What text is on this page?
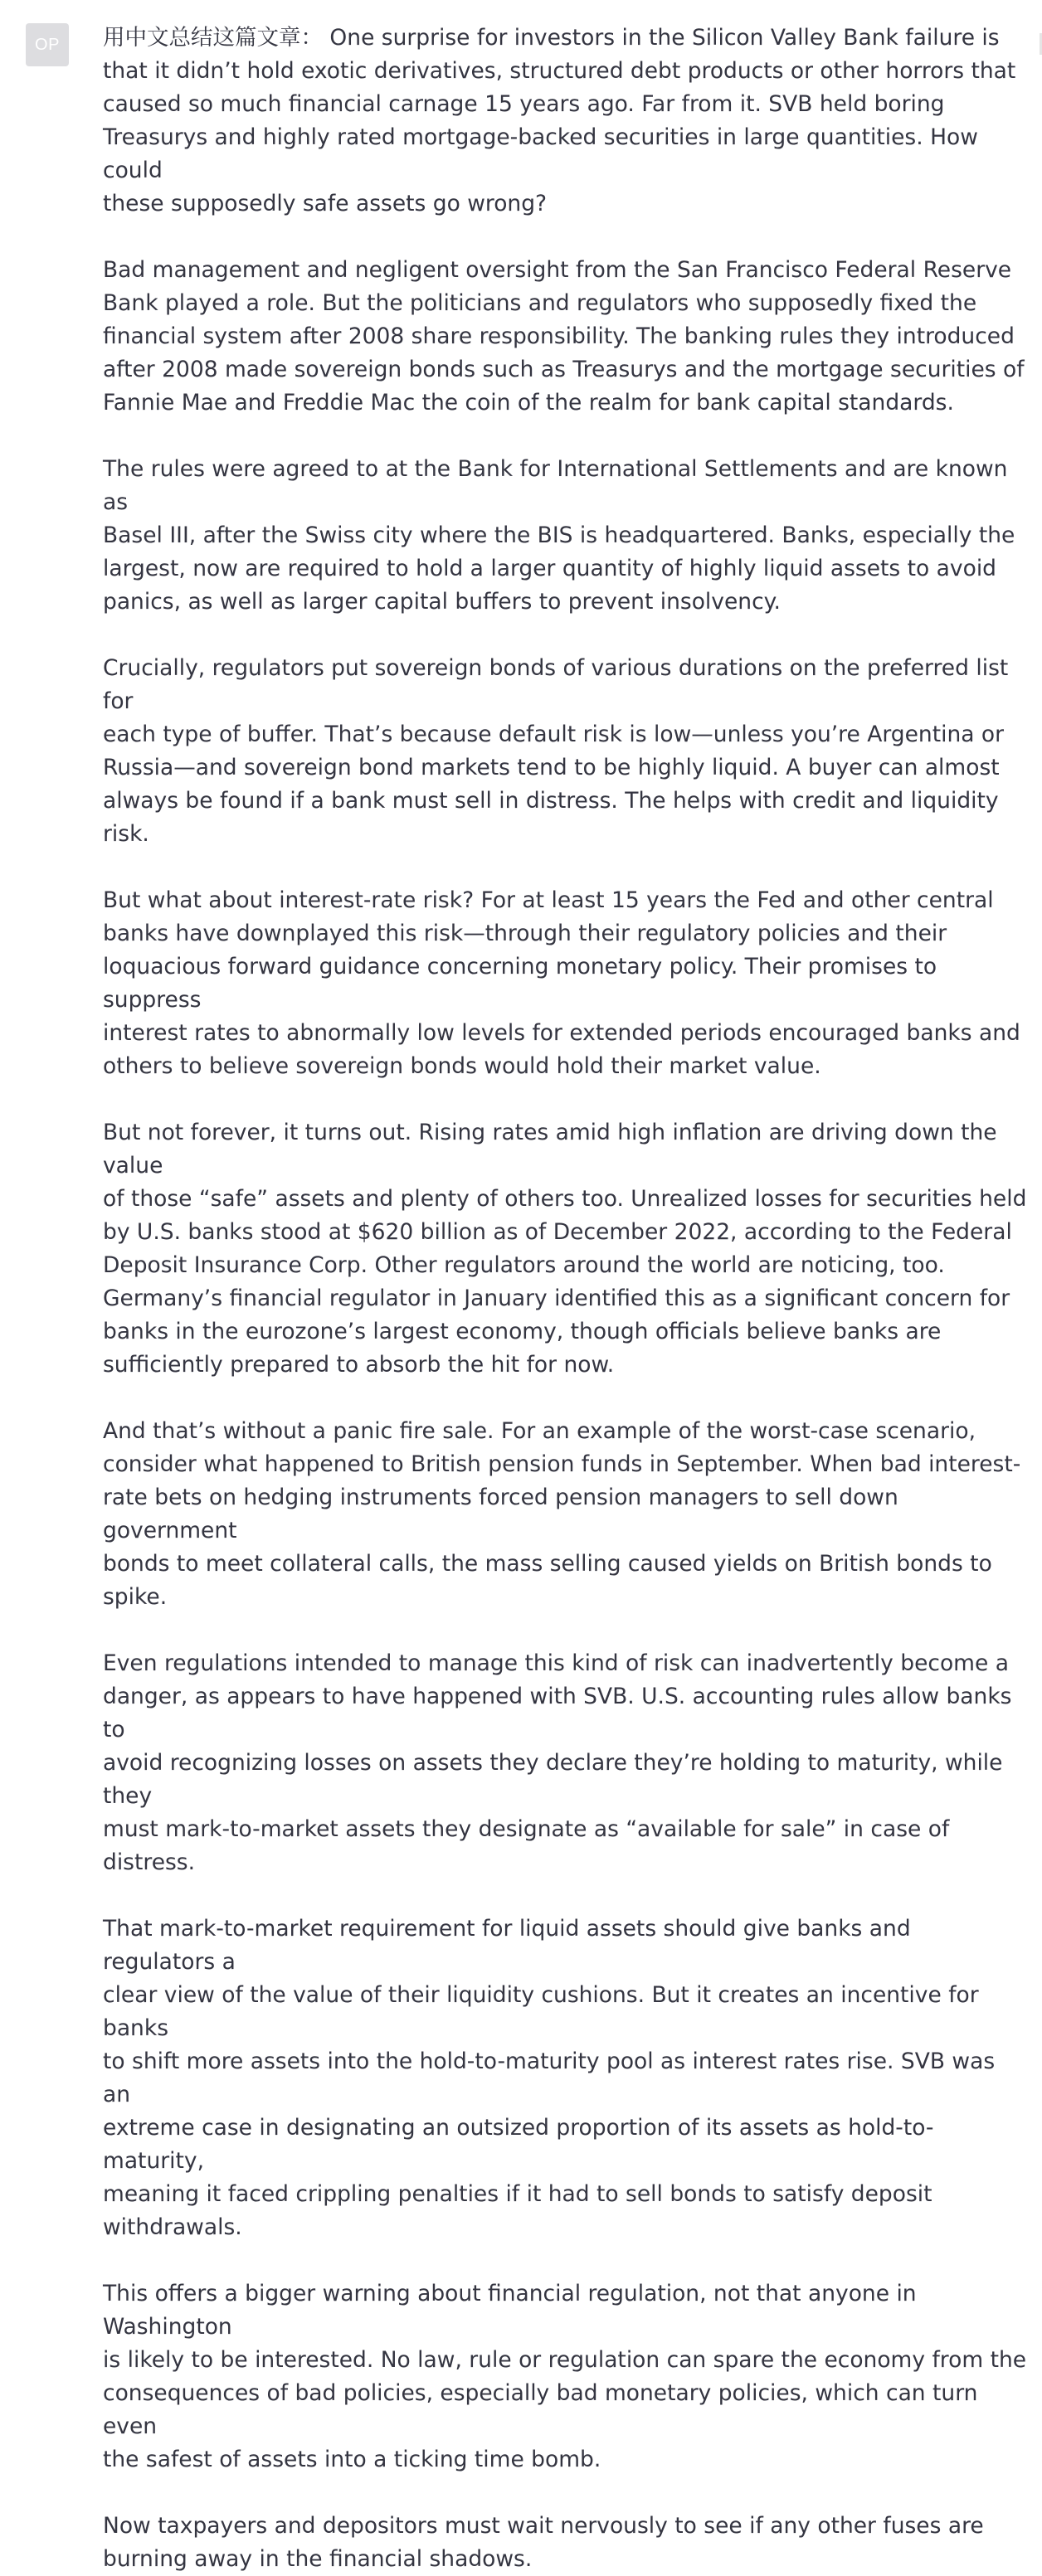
OP	用中文总结这篇文章： One surprise for investors in the Silicon Valley Bank failure is
that it didn’t hold exotic derivatives, structured debt products or other horrors that
caused so much financial carnage 15 years ago. Far from it. SVB held boring
Treasurys and highly rated mortgage-backed securities in large quantities. How could
these supposedly safe assets go wrong?

Bad management and negligent oversight from the San Francisco Federal Reserve
Bank played a role. But the politicians and regulators who supposedly fixed the
financial system after 2008 share responsibility. The banking rules they introduced
after 2008 made sovereign bonds such as Treasurys and the mortgage securities of
Fannie Mae and Freddie Mac the coin of the realm for bank capital standards.

The rules were agreed to at the Bank for International Settlements and are known as
Basel III, after the Swiss city where the BIS is headquartered. Banks, especially the
largest, now are required to hold a larger quantity of highly liquid assets to avoid
panics, as well as larger capital buffers to prevent insolvency.

Crucially, regulators put sovereign bonds of various durations on the preferred list for
each type of buffer. That’s because default risk is low—unless you’re Argentina or
Russia—and sovereign bond markets tend to be highly liquid. A buyer can almost
always be found if a bank must sell in distress. The helps with credit and liquidity risk.

But what about interest-rate risk? For at least 15 years the Fed and other central
banks have downplayed this risk—through their regulatory policies and their
loquacious forward guidance concerning monetary policy. Their promises to suppress
interest rates to abnormally low levels for extended periods encouraged banks and
others to believe sovereign bonds would hold their market value.

But not forever, it turns out. Rising rates amid high inflation are driving down the value
of those “safe” assets and plenty of others too. Unrealized losses for securities held
by U.S. banks stood at $620 billion as of December 2022, according to the Federal
Deposit Insurance Corp. Other regulators around the world are noticing, too.
Germany’s financial regulator in January identified this as a significant concern for
banks in the eurozone’s largest economy, though officials believe banks are
sufficiently prepared to absorb the hit for now.

And that’s without a panic fire sale. For an example of the worst-case scenario,
consider what happened to British pension funds in September. When bad interest-
rate bets on hedging instruments forced pension managers to sell down government
bonds to meet collateral calls, the mass selling caused yields on British bonds to
spike.

Even regulations intended to manage this kind of risk can inadvertently become a
danger, as appears to have happened with SVB. U.S. accounting rules allow banks to
avoid recognizing losses on assets they declare they’re holding to maturity, while they
must mark-to-market assets they designate as “available for sale” in case of distress.

That mark-to-market requirement for liquid assets should give banks and regulators a
clear view of the value of their liquidity cushions. But it creates an incentive for banks
to shift more assets into the hold-to-maturity pool as interest rates rise. SVB was an
extreme case in designating an outsized proportion of its assets as hold-to-maturity,
meaning it faced crippling penalties if it had to sell bonds to satisfy deposit
withdrawals.

This offers a bigger warning about financial regulation, not that anyone in Washington
is likely to be interested. No law, rule or regulation can spare the economy from the
consequences of bad policies, especially bad monetary policies, which can turn even
the safest of assets into a ticking time bomb.

Now taxpayers and depositors must wait nervously to see if any other fuses are
burning away in the financial shadows.
